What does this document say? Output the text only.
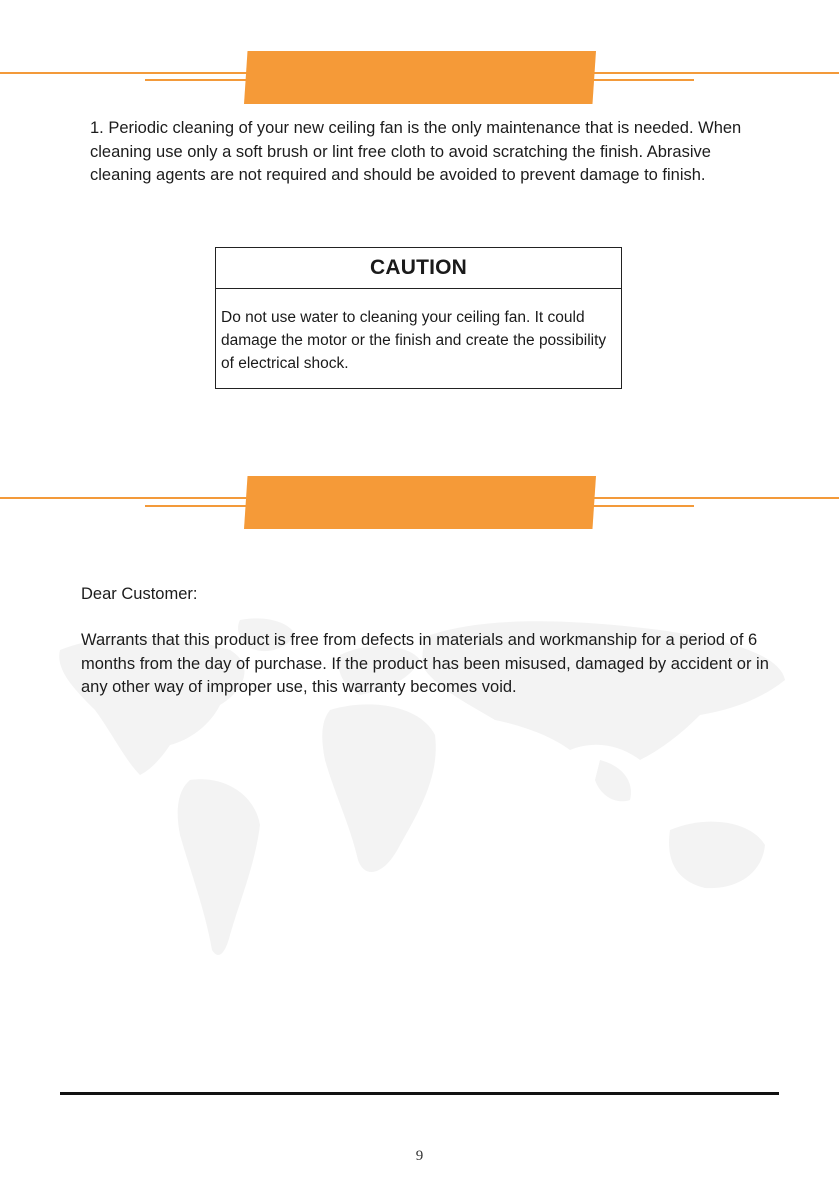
1. Periodic cleaning of your new ceiling fan is the only maintenance that is needed. When cleaning use only a soft brush or lint free cloth to avoid scratching the finish. Abrasive cleaning agents are not required and should be avoided to prevent damage to finish.

CAUTION
Do not use water to cleaning your ceiling fan. It could damage the motor or the finish and create the possibility of electrical shock.
Dear Customer:

Warrants that this product is free from defects in materials and workmanship for a period of 6 months from the day of purchase. If the product has been misused, damaged by accident or in any other way of improper use, this warranty becomes void.

9
